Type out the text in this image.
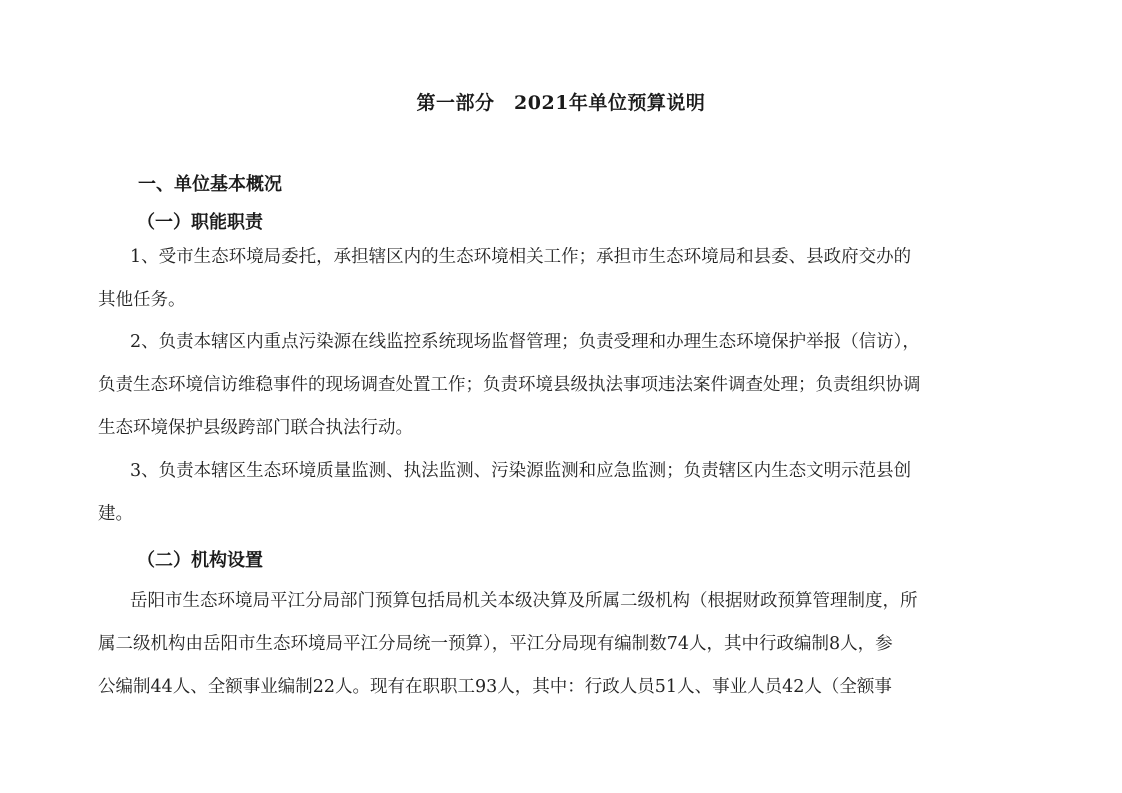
第一部分　2021年单位预算说明
一、单位基本概况
（一）职能职责
1、受市生态环境局委托，承担辖区内的生态环境相关工作；承担市生态环境局和县委、县政府交办的
其他任务。
2、负责本辖区内重点污染源在线监控系统现场监督管理；负责受理和办理生态环境保护举报（信访），
负责生态环境信访维稳事件的现场调查处置工作；负责环境县级执法事项违法案件调查处理；负责组织协调
生态环境保护县级跨部门联合执法行动。
3、负责本辖区生态环境质量监测、执法监测、污染源监测和应急监测；负责辖区内生态文明示范县创
建。
（二）机构设置
岳阳市生态环境局平江分局部门预算包括局机关本级决算及所属二级机构（根据财政预算管理制度，所
属二级机构由岳阳市生态环境局平江分局统一预算），平江分局现有编制数74人，其中行政编制8人，参
公编制44人、全额事业编制22人。现有在职职工93人，其中：行政人员51人、事业人员42人（全额事
